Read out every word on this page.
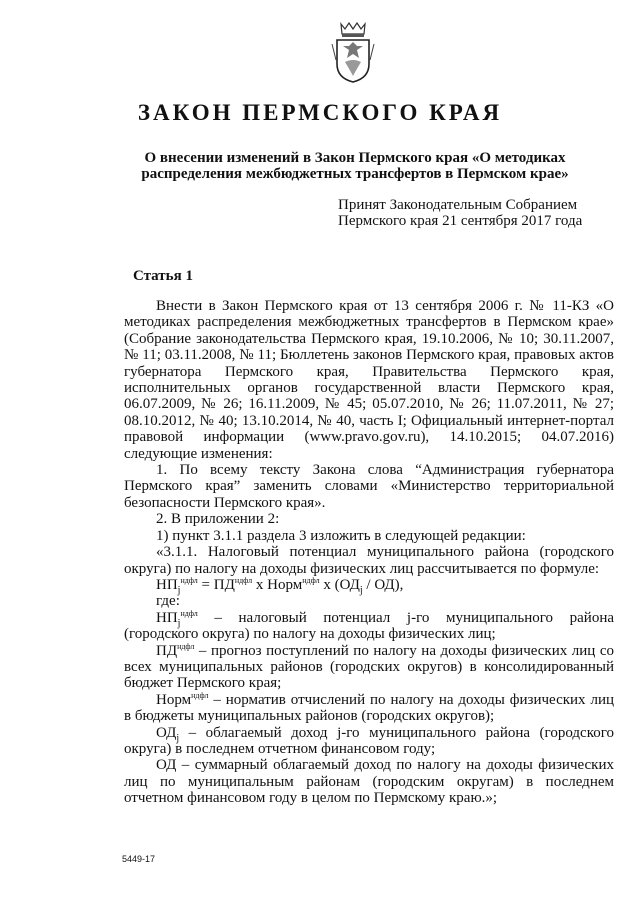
ЗАКОН ПЕРМСКОГО КРАЯ
О внесении изменений в Закон Пермского края «О методиках
распределения межбюджетных трансфертов в Пермском крае»
Принят Законодательным Собранием
Пермского края 21 сентября 2017 года
Статья 1

Внести в Закон Пермского края от 13 сентября 2006 г. № 11-КЗ «О методиках распределения межбюджетных трансфертов в Пермском крае» (Собрание законодательства Пермского края, 19.10.2006, № 10; 30.11.2007, № 11; 03.11.2008, № 11; Бюллетень законов Пермского края, правовых актов губернатора Пермского края, Правительства Пермского края, исполнительных органов государственной власти Пермского края, 06.07.2009, № 26; 16.11.2009, № 45; 05.07.2010, № 26; 11.07.2011, № 27; 08.10.2012, № 40; 13.10.2014, № 40, часть I; Официальный интернет-портал правовой информации (www.pravo.gov.ru), 14.10.2015; 04.07.2016) следующие изменения:

1. По всему тексту Закона слова “Администрация губернатора Пермского края” заменить словами «Министерство территориальной безопасности Пермского края».

2. В приложении 2:

1) пункт 3.1.1 раздела 3 изложить в следующей редакции:

«3.1.1. Налоговый потенциал муниципального района (городского округа) по налогу на доходы физических лиц рассчитывается по формуле:

$НП_j^{ндфл} = ПД^{ндфл}$ x Норм$^{ндфл}$ x $(ОД_j / ОД)$,

где:

$НП_j^{ндфл}$ – налоговый потенциал j-го муниципального района (городского округа) по налогу на доходы физических лиц;

$ПД^{ндфл}$ – прогноз поступлений по налогу на доходы физических лиц со всех муниципальных районов (городских округов) в консолидированный бюджет Пермского края;

Норм$^{ндфл}$ – норматив отчислений по налогу на доходы физических лиц в бюджеты муниципальных районов (городских округов);

$ОД_j$ – облагаемый доход j-го муниципального района (городского округа) в последнем отчетном финансовом году;

ОД – суммарный облагаемый доход по налогу на доходы физических лиц по муниципальным районам (городским округам) в последнем отчетном финансовом году в целом по Пермскому краю.»;

5449-17
